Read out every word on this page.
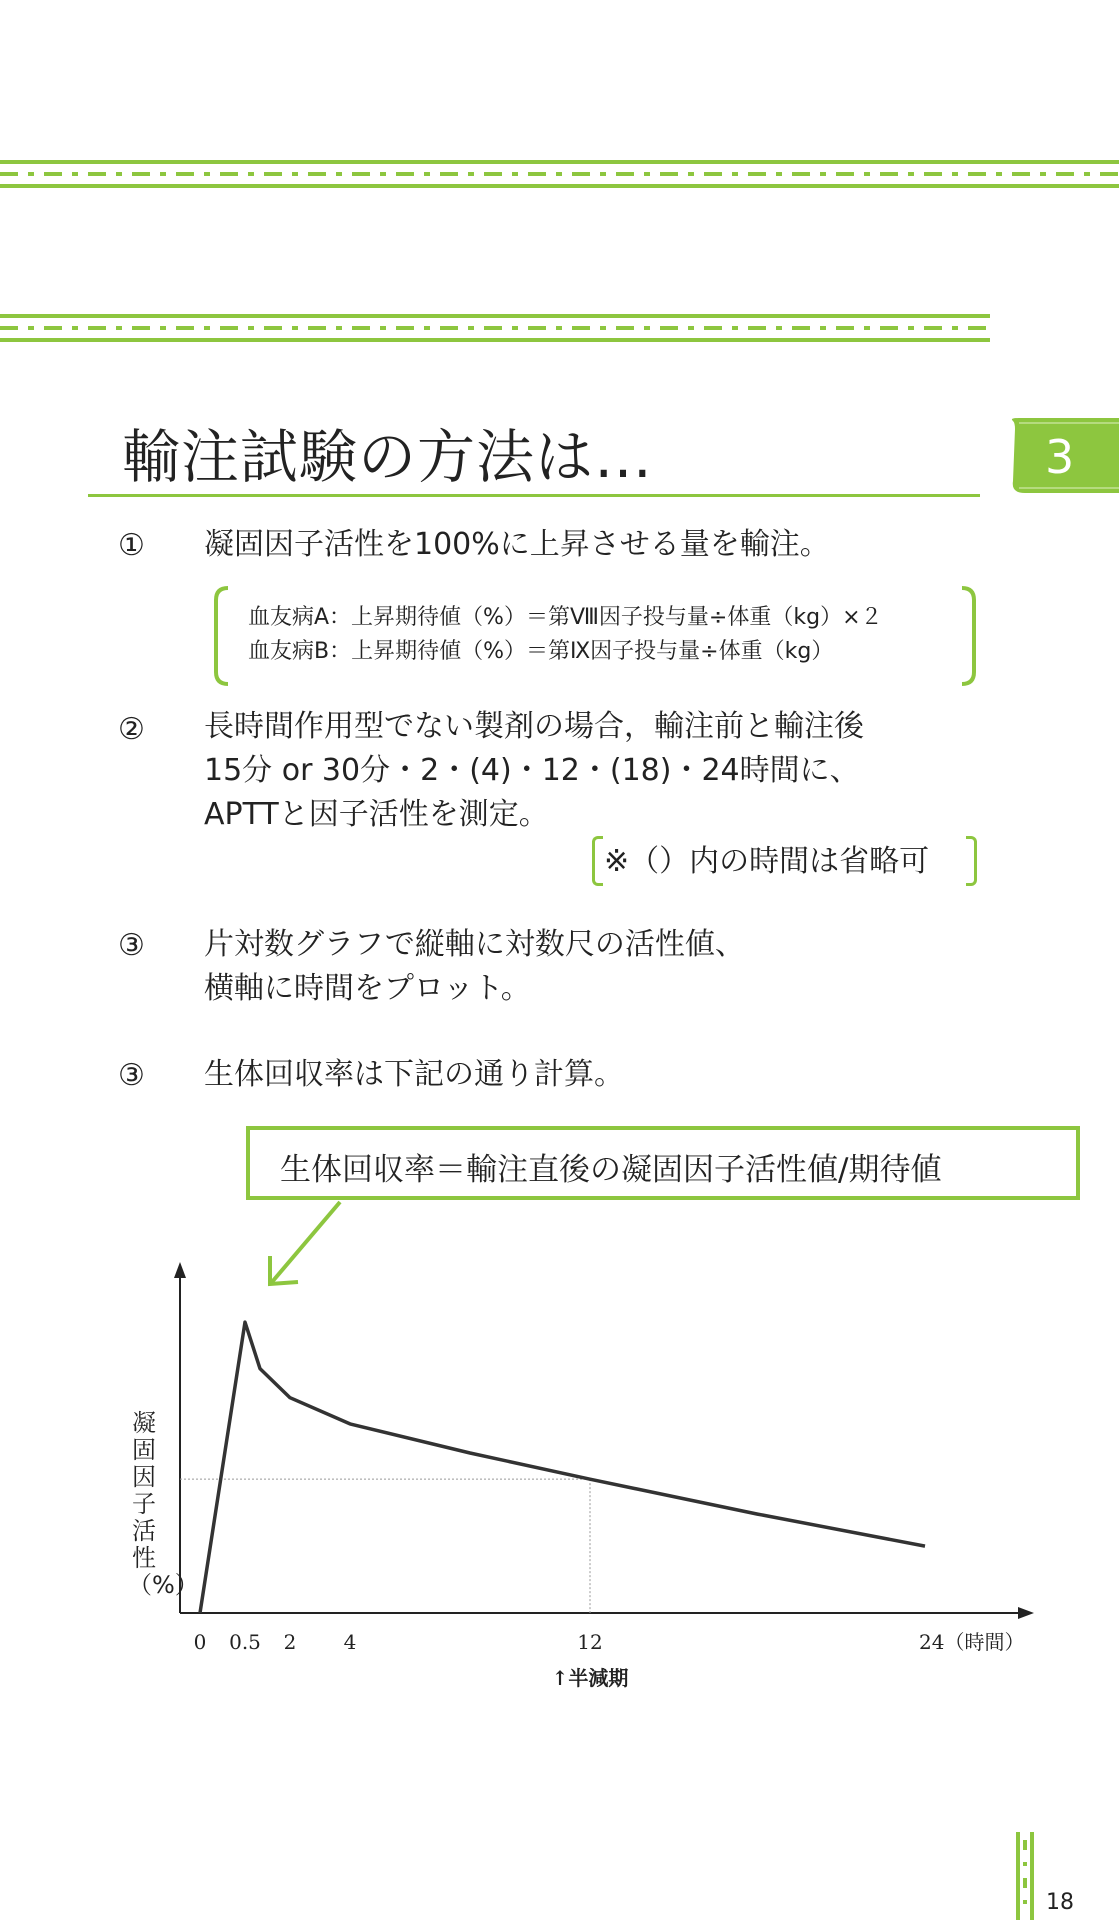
輸注試験の方法は…	3
① 凝固因子活性を100%に上昇させる量を輸注。
血友病A：上昇期待値（%）＝第Ⅷ因子投与量÷体重（kg）×２
血友病B：上昇期待値（%）＝第Ⅸ因子投与量÷体重（kg）
② 長時間作用型でない製剤の場合，輸注前と輸注後
15分 or 30分・2・(4)・12・(18)・24時間に、
APTTと因子活性を測定。
※（）内の時間は省略可
③ 片対数グラフで縦軸に対数尺の活性値、
横軸に時間をプロット。
③ 生体回収率は下記の通り計算。
生体回収率＝輸注直後の凝固因子活性値/期待値
凝固因子活性（%）
0 0.5 2 4	12	24（時間）
↑半減期
18
